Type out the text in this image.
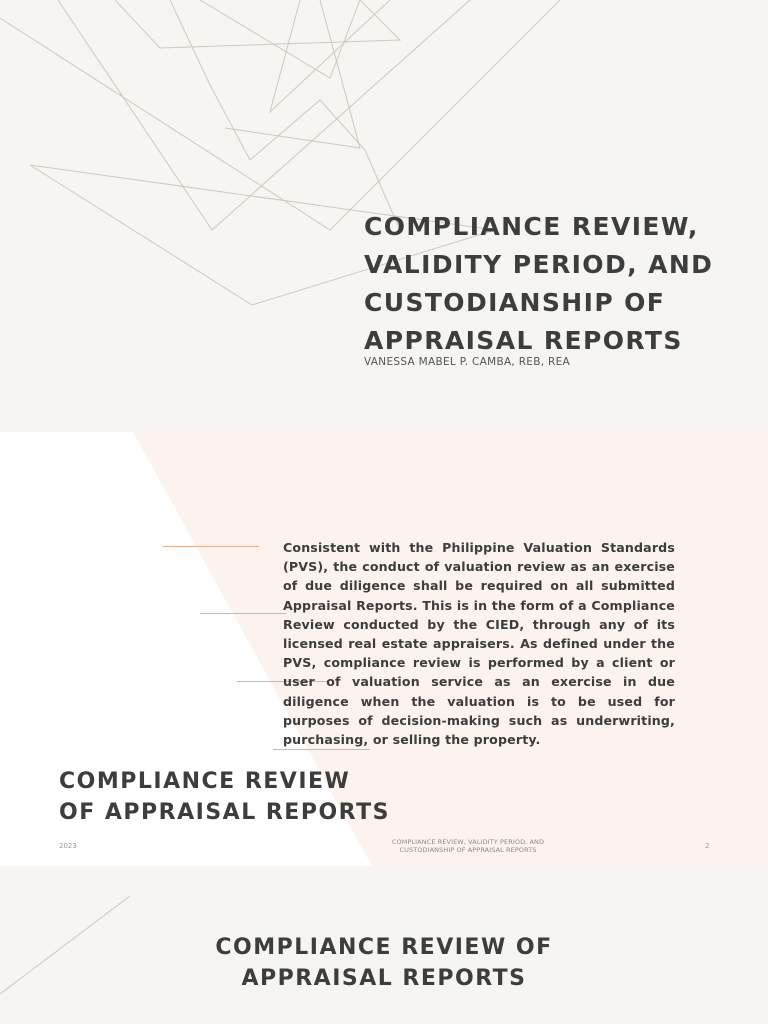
COMPLIANCE REVIEW,
VALIDITY PERIOD, AND
CUSTODIANSHIP OF
APPRAISAL REPORTS
VANESSA MABEL P. CAMBA, REB, REA

Consistent with the Philippine Valuation Standards (PVS), the conduct of valuation review as an exercise of due diligence shall be required on all submitted Appraisal Reports. This is in the form of a Compliance Review conducted by the CIED, through any of its licensed real estate appraisers. As defined under the PVS, compliance review is performed by a client or user of valuation service as an exercise in due diligence when the valuation is to be used for purposes of decision-making such as underwriting, purchasing, or selling the property.

COMPLIANCE REVIEW
OF APPRAISAL REPORTS
2023	COMPLIANCE REVIEW, VALIDITY PERIOD, AND
CUSTODIANSHIP OF APPRAISAL REPORTS	2
COMPLIANCE REVIEW OF
APPRAISAL REPORTS
